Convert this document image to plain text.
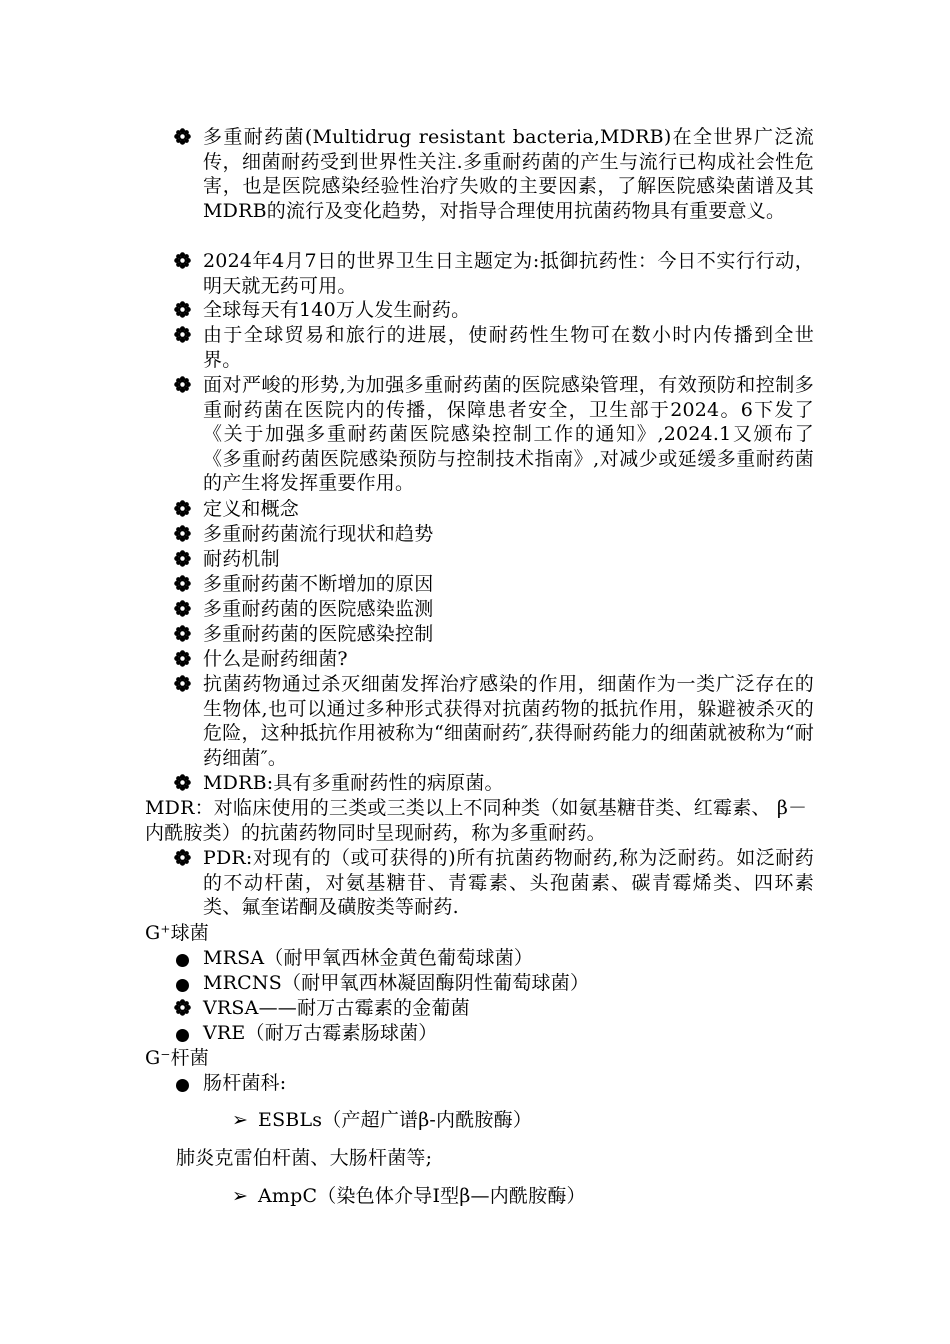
多重耐药菌(Multidrug resistant bacteria,MDRB)在全世界广泛流传，细菌耐药受到世界性关注.多重耐药菌的产生与流行已构成社会性危害，也是医院感染经验性治疗失败的主要因素，了解医院感染菌谱及其MDRB的流行及变化趋势，对指导合理使用抗菌药物具有重要意义。
2024年4月7日的世界卫生日主题定为:抵御抗药性：今日不实行行动，明天就无药可用。
全球每天有140万人发生耐药。
由于全球贸易和旅行的进展，使耐药性生物可在数小时内传播到全世界。
面对严峻的形势,为加强多重耐药菌的医院感染管理，有效预防和控制多重耐药菌在医院内的传播，保障患者安全，卫生部于2024。6下发了《关于加强多重耐药菌医院感染控制工作的通知》,2024.1又颁布了《多重耐药菌医院感染预防与控制技术指南》,对减少或延缓多重耐药菌的产生将发挥重要作用。
定义和概念
多重耐药菌流行现状和趋势
耐药机制
多重耐药菌不断增加的原因
多重耐药菌的医院感染监测
多重耐药菌的医院感染控制
什么是耐药细菌?
抗菌药物通过杀灭细菌发挥治疗感染的作用，细菌作为一类广泛存在的生物体,也可以通过多种形式获得对抗菌药物的抵抗作用，躲避被杀灭的危险，这种抵抗作用被称为“细菌耐药″,获得耐药能力的细菌就被称为“耐药细菌″。
MDRB:具有多重耐药性的病原菌。
MDR：对临床使用的三类或三类以上不同种类（如氨基糖苷类、红霉素、 β－内酰胺类）的抗菌药物同时呈现耐药，称为多重耐药。
PDR:对现有的（或可获得的)所有抗菌药物耐药,称为泛耐药。如泛耐药的不动杆菌，对氨基糖苷、青霉素、头孢菌素、碳青霉烯类、四环素类、氟奎诺酮及磺胺类等耐药.
G⁺球菌
MRSA（耐甲氧西林金黄色葡萄球菌）
MRCNS（耐甲氧西林凝固酶阴性葡萄球菌）
VRSA——耐万古霉素的金葡菌
VRE（耐万古霉素肠球菌）
G⁻杆菌
肠杆菌科:
➢ ESBLs（产超广谱β-内酰胺酶）
肺炎克雷伯杆菌、大肠杆菌等;
➢ AmpC（染色体介导Ⅰ型β—内酰胺酶）
